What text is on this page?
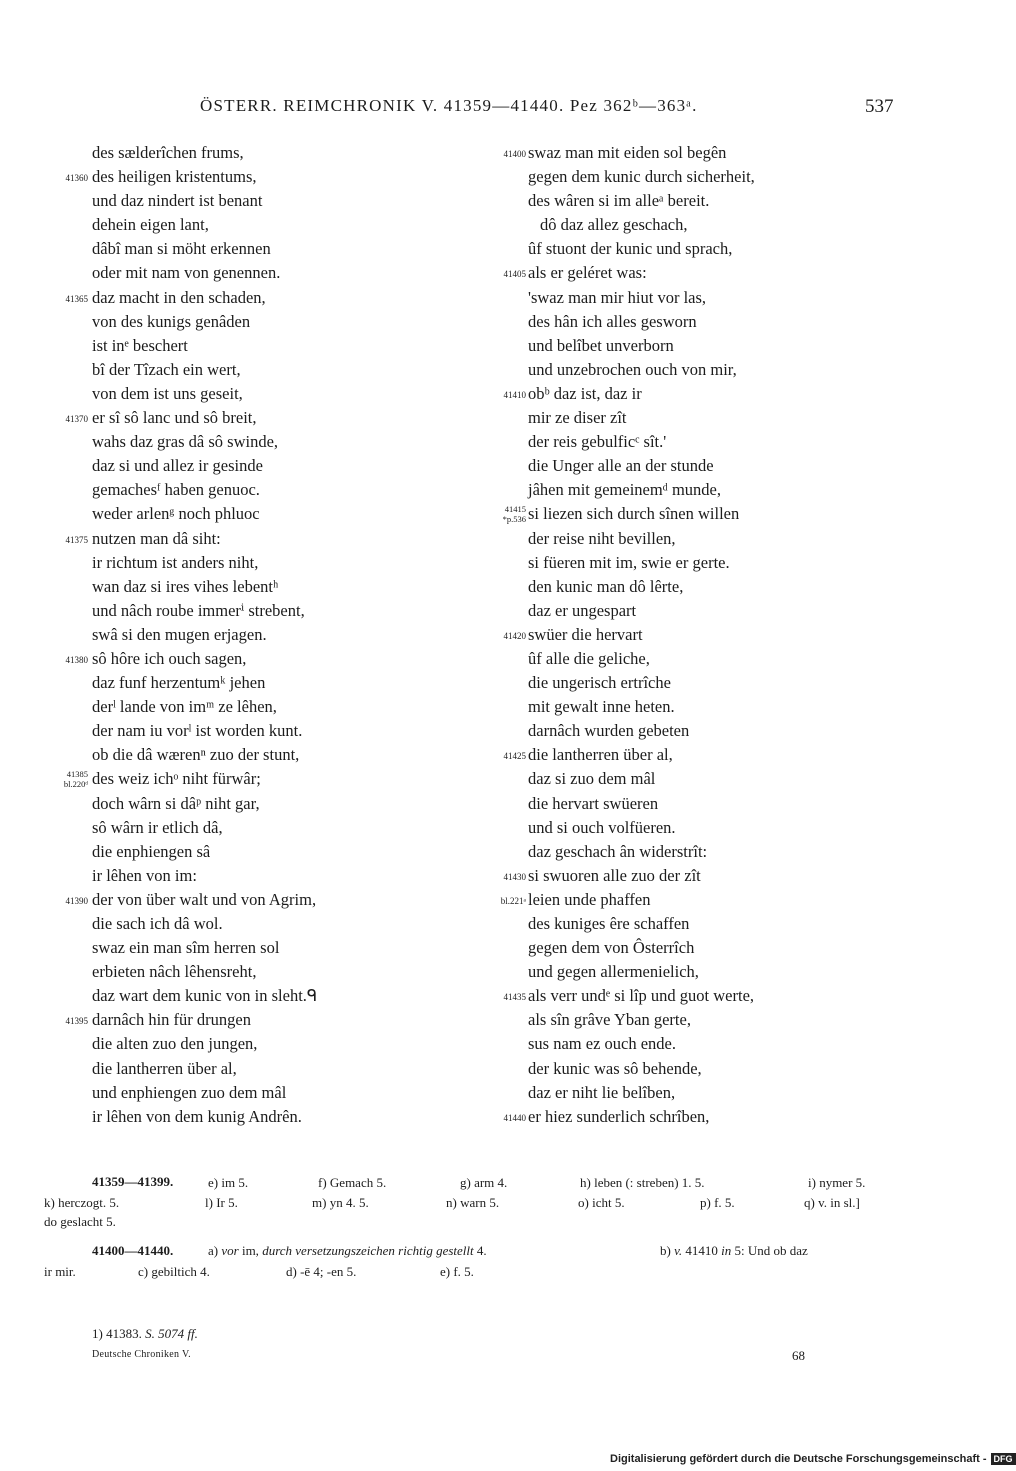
ÖSTERR. REIMCHRONIK V. 41359—41440. Pez 362ᵇ—363ᵃ.	537
des sælderîchen frums,
41360 des heiligen kristentums,
und daz nindert ist benant
dehein eigen lant,
dâbî man si möht erkennen
oder mit nam von genennen.
41365 daz macht in den schaden,
von des kunigs genâden
ist inᵉ beschert
bî der Tîzach ein wert,
von dem ist uns geseit,
41370 er sî sô lanc und sô breit,
wahs daz gras dâ sô swinde,
daz si und allez ir gesinde
gemachesᶠ haben genuoc.
weder arlenᵍ noch phluoc
41375 nutzen man dâ siht:
ir richtum ist anders niht,
wan daz si ires vihes lebentʰ
und nâch roube immerⁱ strebent,
swâ si den mugen erjagen.
41380 sô hôre ich ouch sagen,
daz funf herzentumᵏ jehen
derˡ lande von imᵐ ze lêhen,
der nam iu vorˡ ist worden kunt.
ob die dâ wærenⁿ zuo der stunt,
41385
bl.220ᵈ des weiz ichᵒ niht fürwâr;
doch wârn si dâᵖ niht gar,
sô wârn ir etlich dâ,
die enphiengen sâ
ir lêhen von im:
41390 der von über walt und von Agrim,
die sach ich dâ wol.
swaz ein man sîm herren sol
erbieten nâch lêhensreht,
daz wart dem kunic von in sleht.ᑫ
41395 darnâch hin für drungen
die alten zuo den jungen,
die lantherren über al,
und enphiengen zuo dem mâl
ir lêhen von dem kunig Andrên.
41400 swaz man mit eiden sol begên
gegen dem kunic durch sicherheit,
des wâren si im alleᵃ bereit.
dô daz allez geschach,
ûf stuont der kunic und sprach,
41405 als er geléret was:
'swaz man mir hiut vor las,
des hân ich alles gesworn
und belîbet unverborn
und unzebrochen ouch von mir,
41410 obᵇ daz ist, daz ir
mir ze diser zît
der reis gebulficᶜ sît.'
die Unger alle an der stunde
jâhen mit gemeinemᵈ munde,
41415
*p.536 si liezen sich durch sînen willen
der reise niht bevillen,
si füeren mit im, swie er gerte.
den kunic man dô lêrte,
daz er ungespart
41420 swüer die hervart
ûf alle die geliche,
die ungerisch ertrîche
mit gewalt inne heten.
darnâch wurden gebeten
41425 die lantherren über al,
daz si zuo dem mâl
die hervart swüeren
und si ouch volfüeren.
daz geschach ân widerstrît:
41430 si swuoren alle zuo der zît
bl.221ᵃ leien unde phaffen
des kuniges êre schaffen
gegen dem von Ôsterrîch
und gegen allermenielich,
41435 als verr undᵉ si lîp und guot werte,
als sîn grâve Yban gerte,
sus nam ez ouch ende.
der kunic was sô behende,
daz er niht lie belîben,
41440 er hiez sunderlich schrîben,
41359—41399.	e) im 5.	f) Gemach 5.	g) arm 4.	h) leben (: streben) 1. 5.	i) nymer 5.
k) herczogt. 5.	l) Ir 5.	m) yn 4. 5.	n) warn 5.	o) icht 5.	p) f. 5.	q) v. in sl.]
do geslacht 5.
41400—41440.	a) vor im, durch versetzungszeichen richtig gestellt 4.	b) v. 41410 in 5: Und ob daz
ir mir.	c) gebiltich 4.	d) -ē 4; -en 5.	e) f. 5.
1) 41383. S. 5074 ff.
Deutsche Chroniken V.	68
Digitalisierung gefördert durch die Deutsche Forschungsgemeinschaft - DFG
